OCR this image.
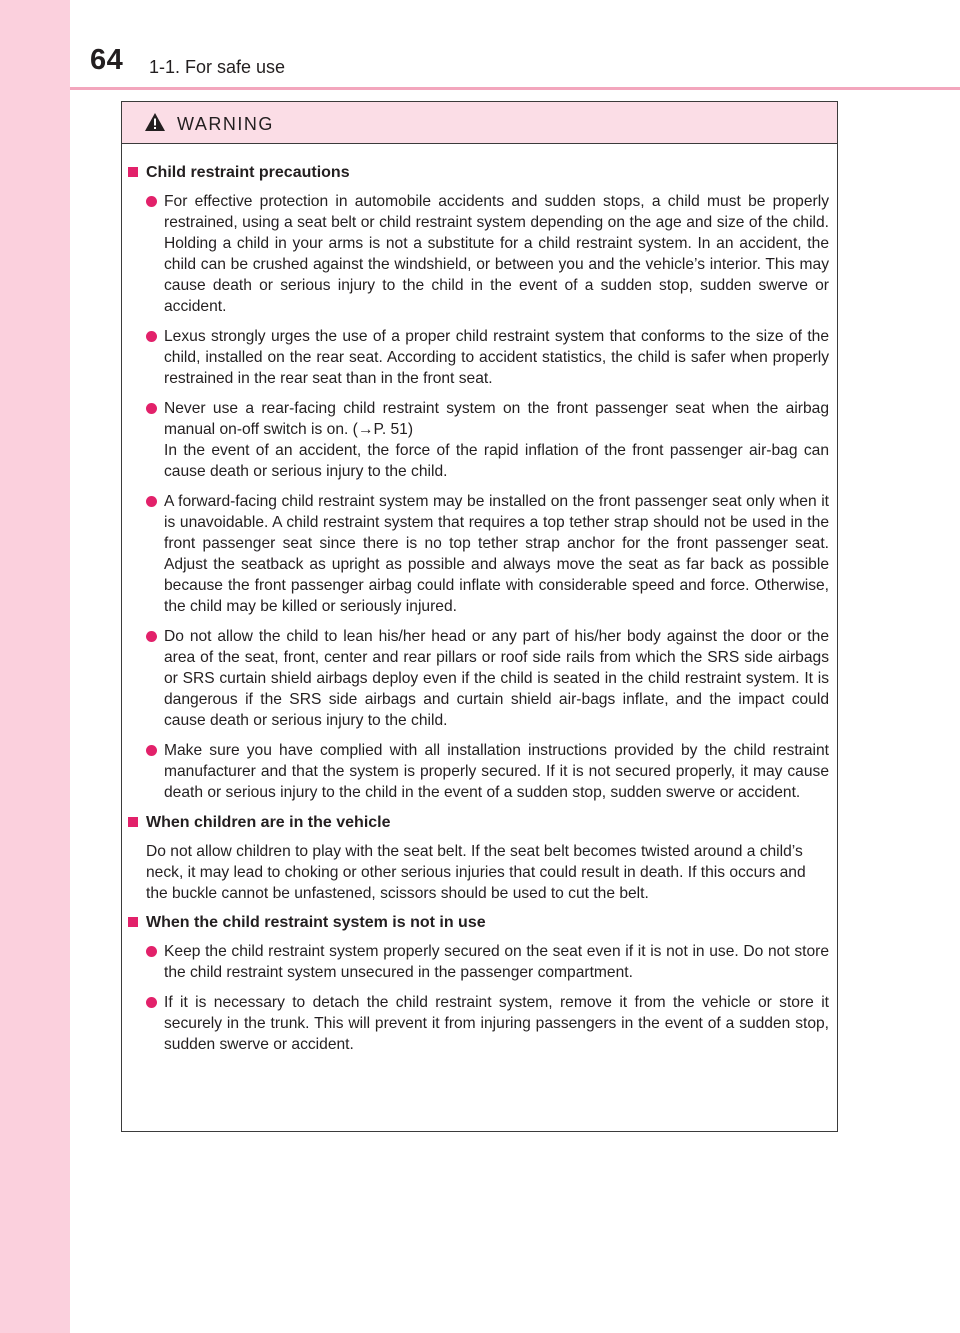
64 1-1. For safe use
WARNING
Child restraint precautions
For effective protection in automobile accidents and sudden stops, a child must be properly restrained, using a seat belt or child restraint system depending on the age and size of the child. Holding a child in your arms is not a substitute for a child restraint system. In an accident, the child can be crushed against the windshield, or between you and the vehicle’s interior. This may cause death or serious injury to the child in the event of a sudden stop, sudden swerve or accident.
Lexus strongly urges the use of a proper child restraint system that conforms to the size of the child, installed on the rear seat. According to accident statistics, the child is safer when properly restrained in the rear seat than in the front seat.
Never use a rear-facing child restraint system on the front passenger seat when the airbag manual on-off switch is on. (→P. 51)
In the event of an accident, the force of the rapid inflation of the front passenger air-bag can cause death or serious injury to the child.
A forward-facing child restraint system may be installed on the front passenger seat only when it is unavoidable. A child restraint system that requires a top tether strap should not be used in the front passenger seat since there is no top tether strap anchor for the front passenger seat. Adjust the seatback as upright as possible and always move the seat as far back as possible because the front passenger airbag could inflate with considerable speed and force. Otherwise, the child may be killed or seriously injured.
Do not allow the child to lean his/her head or any part of his/her body against the door or the area of the seat, front, center and rear pillars or roof side rails from which the SRS side airbags or SRS curtain shield airbags deploy even if the child is seated in the child restraint system. It is dangerous if the SRS side airbags and curtain shield air-bags inflate, and the impact could cause death or serious injury to the child.
Make sure you have complied with all installation instructions provided by the child restraint manufacturer and that the system is properly secured. If it is not secured properly, it may cause death or serious injury to the child in the event of a sudden stop, sudden swerve or accident.
When children are in the vehicle
Do not allow children to play with the seat belt. If the seat belt becomes twisted around a child’s neck, it may lead to choking or other serious injuries that could result in death. If this occurs and the buckle cannot be unfastened, scissors should be used to cut the belt.
When the child restraint system is not in use
Keep the child restraint system properly secured on the seat even if it is not in use. Do not store the child restraint system unsecured in the passenger compartment.
If it is necessary to detach the child restraint system, remove it from the vehicle or store it securely in the trunk. This will prevent it from injuring passengers in the event of a sudden stop, sudden swerve or accident.
